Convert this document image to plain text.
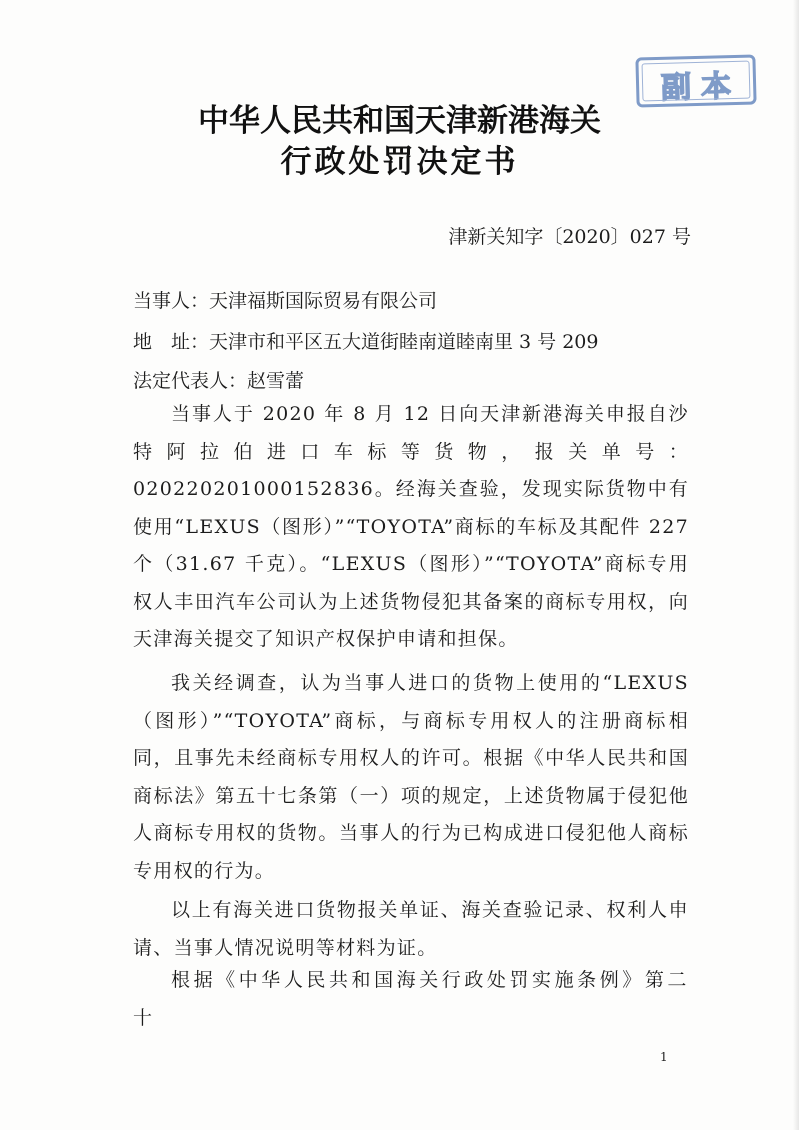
副本
中华人民共和国天津新港海关
行政处罚决定书
津新关知字〔2020〕027 号
当事人：天津福斯国际贸易有限公司
地　址：天津市和平区五大道街睦南道睦南里 3 号 209
法定代表人：赵雪蕾

当事人于 2020 年 8 月 12 日向天津新港海关申报自沙特阿拉伯进口车标等货物，报关单号：020220201000152836。经海关查验，发现实际货物中有使用“LEXUS（图形）”“TOYOTA”商标的车标及其配件 227 个（31.67 千克）。“LEXUS（图形）”“TOYOTA”商标专用权人丰田汽车公司认为上述货物侵犯其备案的商标专用权，向天津海关提交了知识产权保护申请和担保。

我关经调查，认为当事人进口的货物上使用的“LEXUS（图形）”“TOYOTA”商标，与商标专用权人的注册商标相同，且事先未经商标专用权人的许可。根据《中华人民共和国商标法》第五十七条第（一）项的规定，上述货物属于侵犯他人商标专用权的货物。当事人的行为已构成进口侵犯他人商标专用权的行为。

以上有海关进口货物报关单证、海关查验记录、权利人申请、当事人情况说明等材料为证。

根据《中华人民共和国海关行政处罚实施条例》第二十

1
